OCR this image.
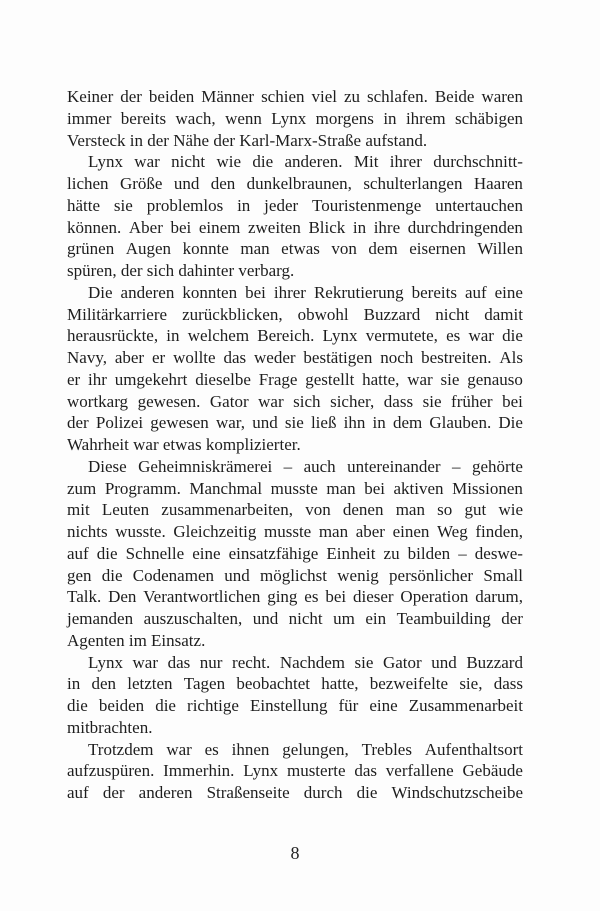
Keiner der beiden Männer schien viel zu schlafen. Beide waren
immer bereits wach, wenn Lynx morgens in ihrem schäbigen
Versteck in der Nähe der Karl-Marx-Straße aufstand.
Lynx war nicht wie die anderen. Mit ihrer durchschnitt-
lichen Größe und den dunkelbraunen, schulterlangen Haaren
hätte sie problemlos in jeder Touristenmenge untertauchen
können. Aber bei einem zweiten Blick in ihre durchdringenden
grünen Augen konnte man etwas von dem eisernen Willen
spüren, der sich dahinter verbarg.
Die anderen konnten bei ihrer Rekrutierung bereits auf eine
Militärkarriere zurückblicken, obwohl Buzzard nicht damit
herausrückte, in welchem Bereich. Lynx vermutete, es war die
Navy, aber er wollte das weder bestätigen noch bestreiten. Als
er ihr umgekehrt dieselbe Frage gestellt hatte, war sie genauso
wortkarg gewesen. Gator war sich sicher, dass sie früher bei
der Polizei gewesen war, und sie ließ ihn in dem Glauben. Die
Wahrheit war etwas komplizierter.
Diese Geheimniskrämerei – auch untereinander – gehörte
zum Programm. Manchmal musste man bei aktiven Missionen
mit Leuten zusammenarbeiten, von denen man so gut wie
nichts wusste. Gleichzeitig musste man aber einen Weg finden,
auf die Schnelle eine einsatzfähige Einheit zu bilden – deswe-
gen die Codenamen und möglichst wenig persönlicher Small
Talk. Den Verantwortlichen ging es bei dieser Operation darum,
jemanden auszuschalten, und nicht um ein Teambuilding der
Agenten im Einsatz.
Lynx war das nur recht. Nachdem sie Gator und Buzzard
in den letzten Tagen beobachtet hatte, bezweifelte sie, dass
die beiden die richtige Einstellung für eine Zusammenarbeit
mitbrachten.
Trotzdem war es ihnen gelungen, Trebles Aufenthaltsort
aufzuspüren. Immerhin. Lynx musterte das verfallene Gebäude
auf der anderen Straßenseite durch die Windschutzscheibe
8
